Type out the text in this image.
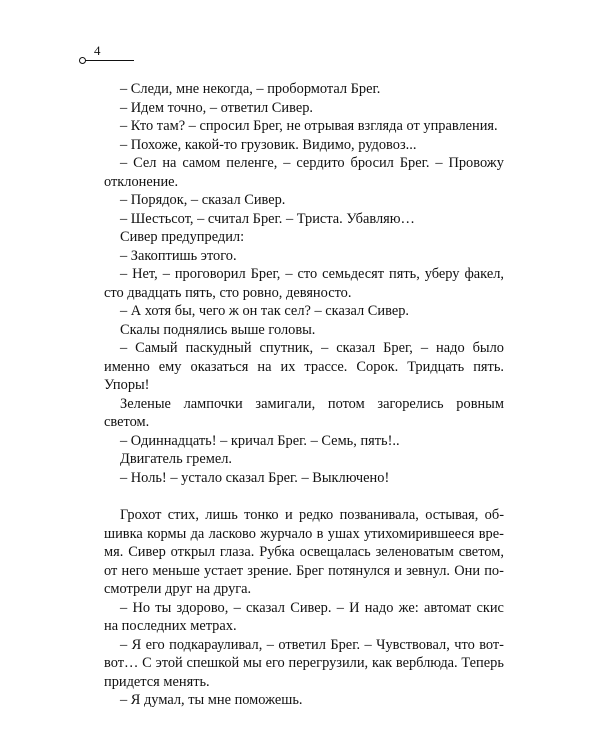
4
– Следи, мне некогда, – пробормотал Брег.
– Идем точно, – ответил Сивер.
– Кто там? – спросил Брег, не отрывая взгляда от управления.
– Похоже, какой-то грузовик. Видимо, рудовоз...
– Сел на самом пеленге, – сердито бросил Брег. – Провожу
отклонение.
– Порядок, – сказал Сивер.
– Шестьсот, – считал Брег. – Триста. Убавляю…
Сивер предупредил:
– Закоптишь этого.
– Нет, – проговорил Брег, – сто семьдесят пять, уберу факел,
сто двадцать пять, сто ровно, девяносто.
– А хотя бы, чего ж он так сел? – сказал Сивер.
Скалы поднялись выше головы.
– Самый паскудный спутник, – сказал Брег, – надо было
именно ему оказаться на их трассе. Сорок. Тридцать пять.
Упоры!
Зеленые лампочки замигали, потом загорелись ровным
светом.
– Одиннадцать! – кричал Брег. – Семь, пять!..
Двигатель гремел.
– Ноль! – устало сказал Брег. – Выключено!
Грохот стих, лишь тонко и редко позванивала, остывая, об-
шивка кормы да ласково журчало в ушах утихомирившееся вре-
мя. Сивер открыл глаза. Рубка освещалась зеленоватым светом,
от него меньше устает зрение. Брег потянулся и зевнул. Они по-
смотрели друг на друга.
– Но ты здорово, – сказал Сивер. – И надо же: автомат скис
на последних метрах.
– Я его подкарауливал, – ответил Брег. – Чувствовал, что вот-
вот… С этой спешкой мы его перегрузили, как верблюда. Теперь
придется менять.
– Я думал, ты мне поможешь.
